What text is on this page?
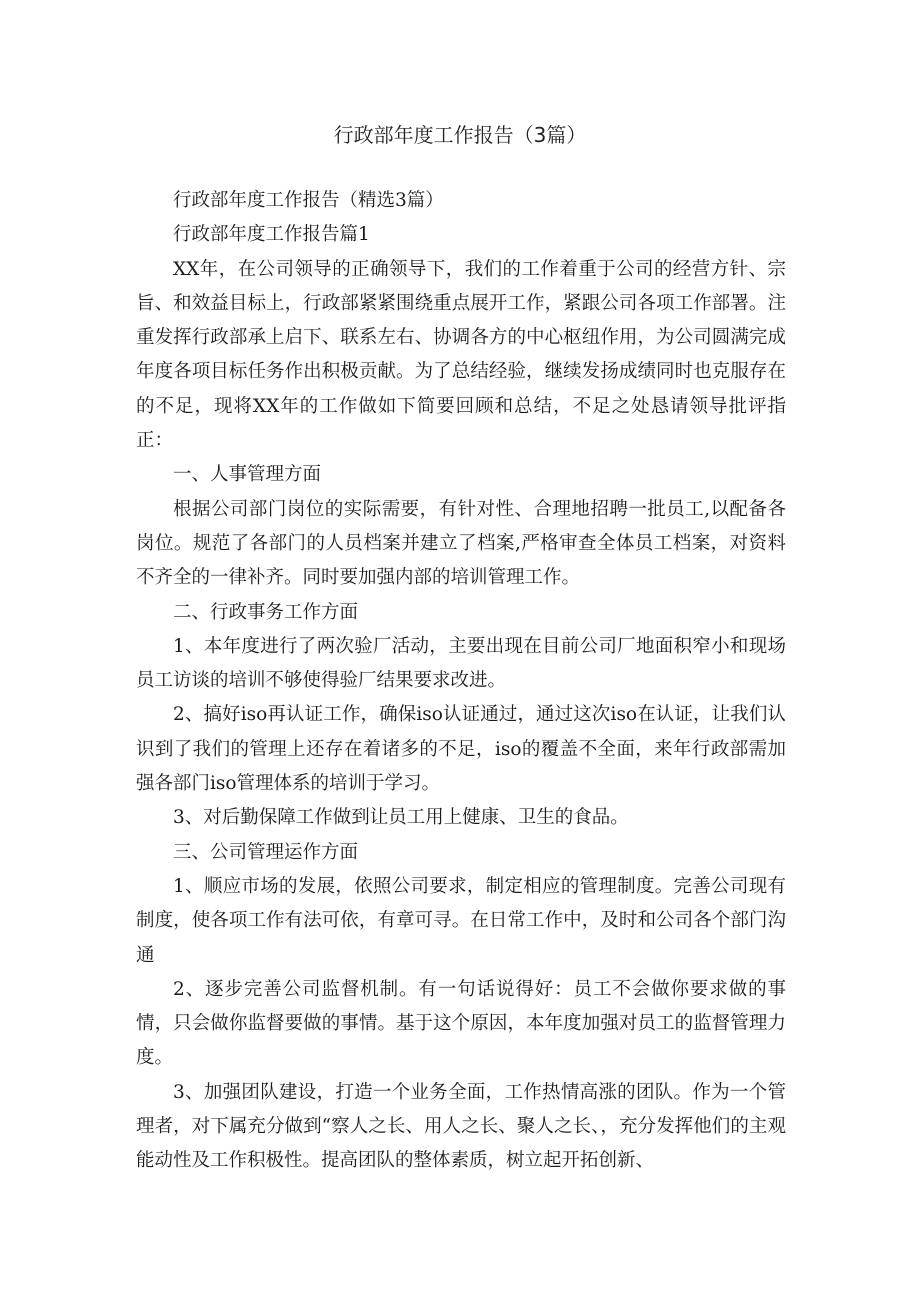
行政部年度工作报告（3篇）

行政部年度工作报告（精选3篇）

行政部年度工作报告篇1

XX年，在公司领导的正确领导下，我们的工作着重于公司的经营方针、宗旨、和效益目标上，行政部紧紧围绕重点展开工作，紧跟公司各项工作部署。注重发挥行政部承上启下、联系左右、协调各方的中心枢纽作用，为公司圆满完成年度各项目标任务作出积极贡献。为了总结经验，继续发扬成绩同时也克服存在的不足，现将XX年的工作做如下简要回顾和总结，不足之处恳请领导批评指正：

一、人事管理方面

根据公司部门岗位的实际需要，有针对性、合理地招聘一批员工,以配备各岗位。规范了各部门的人员档案并建立了档案,严格审查全体员工档案，对资料不齐全的一律补齐。同时要加强内部的培训管理工作。

二、行政事务工作方面

1、本年度进行了两次验厂活动，主要出现在目前公司厂地面积窄小和现场员工访谈的培训不够使得验厂结果要求改进。

2、搞好iso再认证工作，确保iso认证通过，通过这次iso在认证，让我们认识到了我们的管理上还存在着诸多的不足，iso的覆盖不全面，来年行政部需加强各部门iso管理体系的培训于学习。

3、对后勤保障工作做到让员工用上健康、卫生的食品。

三、公司管理运作方面

1、顺应市场的发展，依照公司要求，制定相应的管理制度。完善公司现有制度，使各项工作有法可依，有章可寻。在日常工作中，及时和公司各个部门沟通

2、逐步完善公司监督机制。有一句话说得好：员工不会做你要求做的事情，只会做你监督要做的事情。基于这个原因，本年度加强对员工的监督管理力度。

3、加强团队建设，打造一个业务全面，工作热情高涨的团队。作为一个管理者，对下属充分做到“察人之长、用人之长、聚人之长、，充分发挥他们的主观能动性及工作积极性。提高团队的整体素质，树立起开拓创新、
